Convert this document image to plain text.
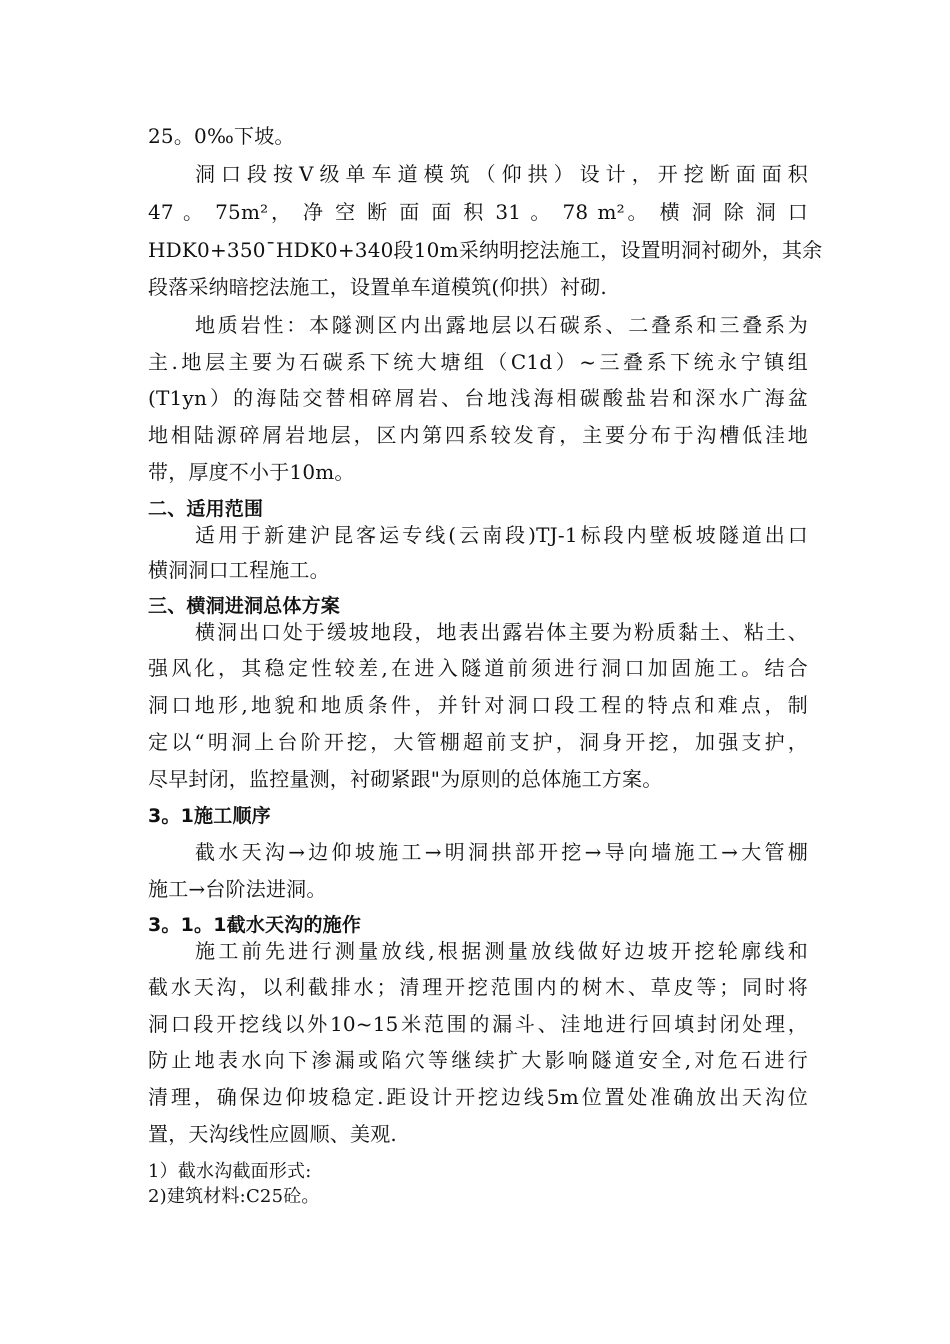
25。0‰下坡。
洞口段按V级单车道模筑（仰拱）设计，开挖断面面积
47 。 75m²， 净 空 断 面 面 积 31 。 78 m²。 横 洞 除 洞 口
HDK0+350¯HDK0+340段10m采纳明挖法施工，设置明洞衬砌外，其余
段落采纳暗挖法施工，设置单车道模筑(仰拱）衬砌.
地质岩性：本隧测区内出露地层以石碳系、二叠系和三叠系为
主.地层主要为石碳系下统大塘组（C1d）~三叠系下统永宁镇组
(T1yn）的海陆交替相碎屑岩、台地浅海相碳酸盐岩和深水广海盆
地相陆源碎屑岩地层，区内第四系较发育，主要分布于沟槽低洼地
带，厚度不小于10m。
二、适用范围
适用于新建沪昆客运专线(云南段)TJ-1标段内壁板坡隧道出口
横洞洞口工程施工。
三、横洞进洞总体方案
横洞出口处于缓坡地段，地表出露岩体主要为粉质黏土、粘土、
强风化，其稳定性较差,在进入隧道前须进行洞口加固施工。结合
洞口地形,地貌和地质条件，并针对洞口段工程的特点和难点，制
定以“明洞上台阶开挖，大管棚超前支护，洞身开挖，加强支护，
尽早封闭，监控量测，衬砌紧跟"为原则的总体施工方案。
3。1施工顺序
截水天沟→边仰坡施工→明洞拱部开挖→导向墙施工→大管棚
施工→台阶法进洞。
3。1。1截水天沟的施作
施工前先进行测量放线,根据测量放线做好边坡开挖轮廓线和
截水天沟，以利截排水；清理开挖范围内的树木、草皮等；同时将
洞口段开挖线以外10~15米范围的漏斗、洼地进行回填封闭处理，
防止地表水向下渗漏或陷穴等继续扩大影响隧道安全,对危石进行
清理，确保边仰坡稳定.距设计开挖边线5m位置处准确放出天沟位
置，天沟线性应圆顺、美观.
1）截水沟截面形式:
2)建筑材料:C25砼。
